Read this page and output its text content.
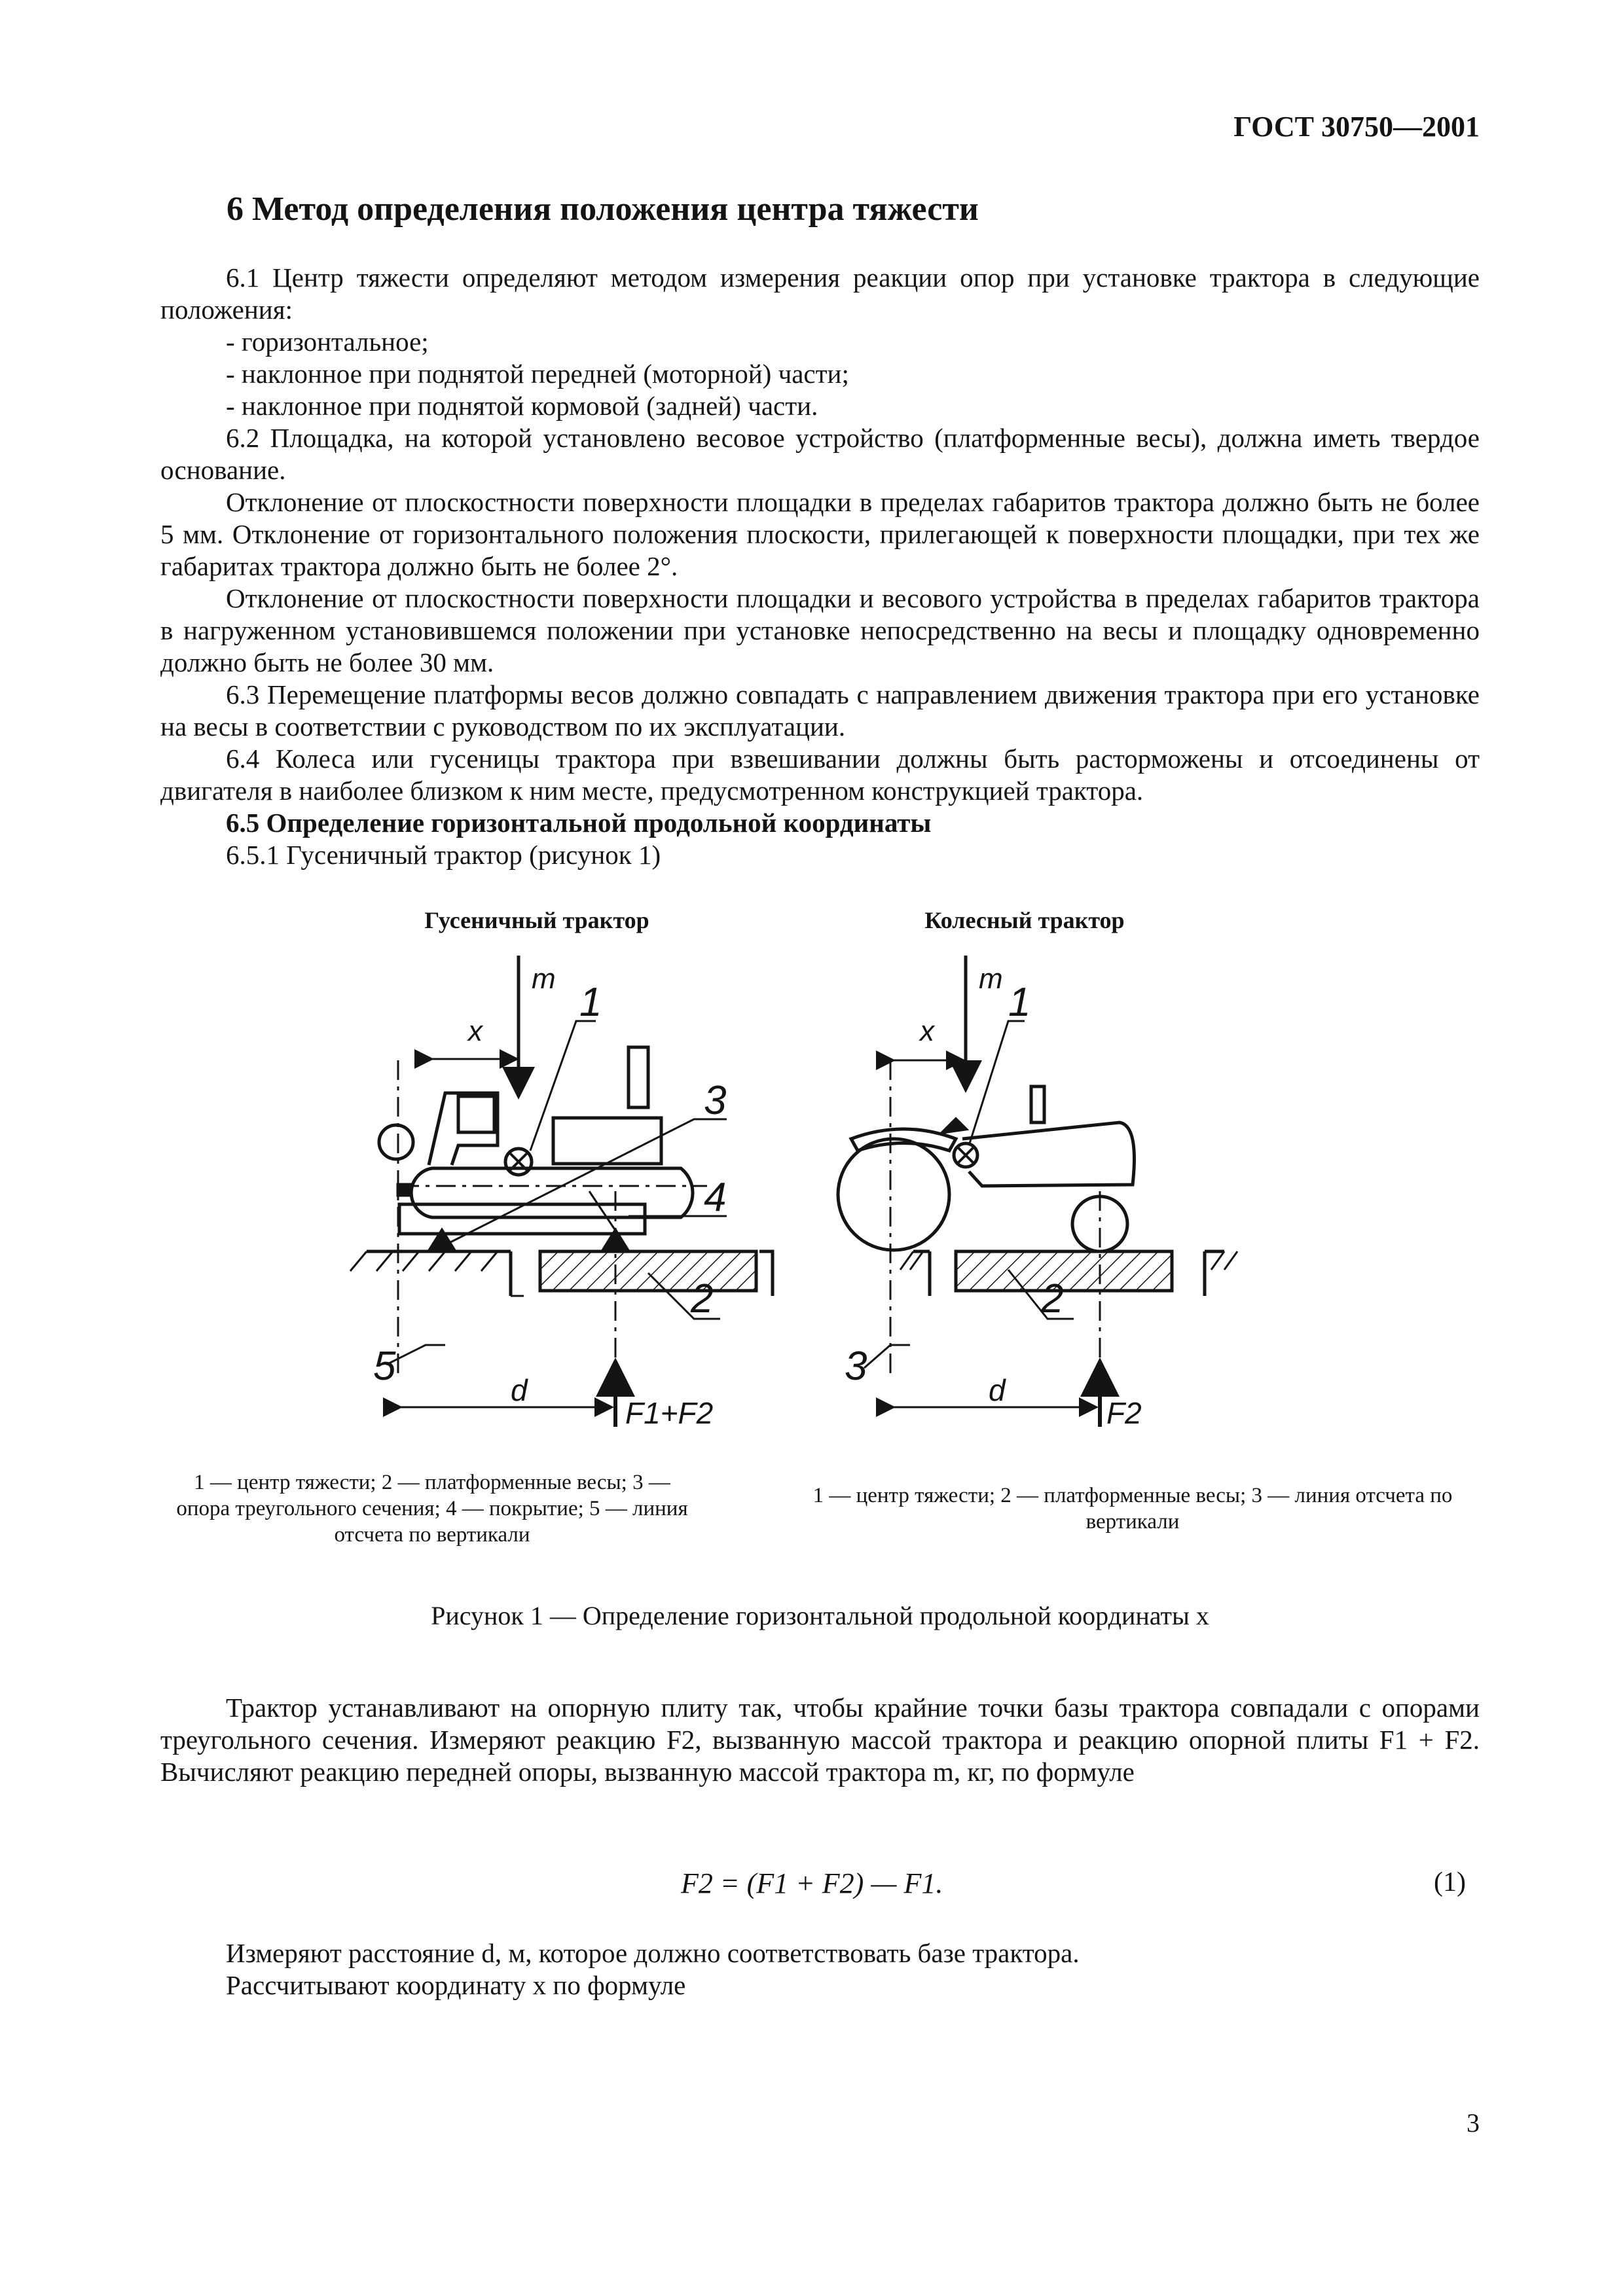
ГОСТ 30750—2001
6 Метод определения положения центра тяжести

6.1 Центр тяжести определяют методом измерения реакции опор при установке трактора в следующие положения:

- горизонтальное;

- наклонное при поднятой передней (моторной) части;

- наклонное при поднятой кормовой (задней) части.

6.2 Площадка, на которой установлено весовое устройство (платформенные весы), должна иметь твердое основание.

Отклонение от плоскостности поверхности площадки в пределах габаритов трактора должно быть не более 5 мм. Отклонение от горизонтального положения плоскости, прилегающей к поверхности площадки, при тех же габаритах трактора должно быть не более 2°.

Отклонение от плоскостности поверхности площадки и весового устройства в пределах габаритов трактора в нагруженном установившемся положении при установке непосредственно на весы и площадку одновременно должно быть не более 30 мм.

6.3 Перемещение платформы весов должно совпадать с направлением движения трактора при его установке на весы в соответствии с руководством по их эксплуатации.

6.4 Колеса или гусеницы трактора при взвешивании должны быть расторможены и отсоединены от двигателя в наиболее близком к ним месте, предусмотренном конструкцией трактора.

6.5 Определение горизонтальной продольной координаты

6.5.1 Гусеничный трактор (рисунок 1)

Гусеничный трактор	Колесный трактор
m
x
1
3
4
2
5
d
F1+F2
m
x
1
2
3
d
F2
1 — центр тяжести; 2 — платформенные весы; 3 — опора треугольного сечения; 4 — покрытие; 5 — линия отсчета по вертикали
1 — центр тяжести; 2 — платформенные весы; 3 — линия отсчета по вертикали
Рисунок 1 — Определение горизонтальной продольной координаты x

Трактор устанавливают на опорную плиту так, чтобы крайние точки базы трактора совпадали с опорами треугольного сечения. Измеряют реакцию F2, вызванную массой трактора и реакцию опорной плиты F1 + F2. Вычисляют реакцию передней опоры, вызванную массой трактора m, кг, по формуле

F2 = (F1 + F2) — F1.	(1)

Измеряют расстояние d, м, которое должно соответствовать базе трактора.

Рассчитывают координату x по формуле

3
